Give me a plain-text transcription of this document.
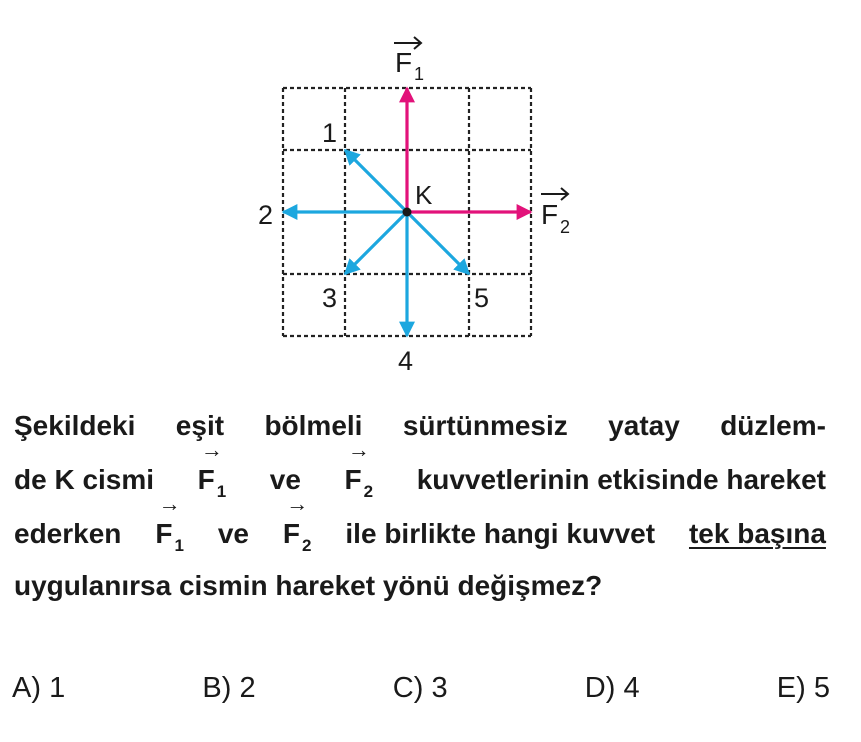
K
F 1
F 2
1
2
3
4
5
Şekildeki eşit bölmeli sürtünmesiz yatay düzlem-
de K cismi
→
F $_1$ ve
→
F $_2$ kuvvetlerinin etkisinde hareket
ederken
→
F $_1$ ve
→
F $_2$ ile birlikte hangi kuvvet tek başına
uygulanırsa cismin hareket yönü değişmez?
A) 1	B) 2	C) 3	D) 4	E) 5
